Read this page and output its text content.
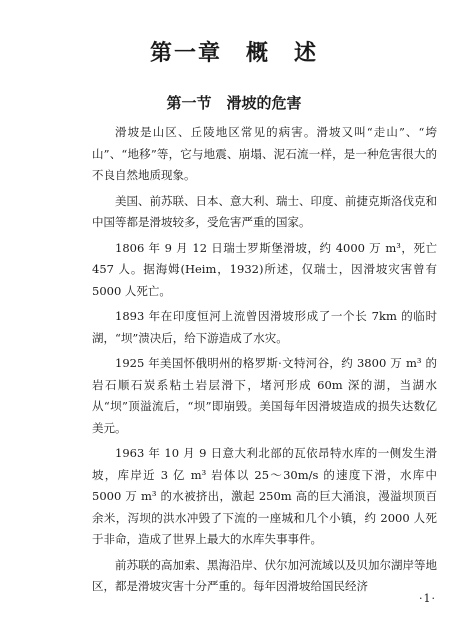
第一章　概　述
第一节　滑坡的危害

滑坡是山区、丘陵地区常见的病害。滑坡又叫“走山”、“垮山”、“地移”等，它与地震、崩塌、泥石流一样，是一种危害很大的不良自然地质现象。

美国、前苏联、日本、意大利、瑞士、印度、前捷克斯洛伐克和中国等都是滑坡较多，受危害严重的国家。

1806 年 9 月 12 日瑞士罗斯堡滑坡，约 4000 万 m³，死亡 457 人。据海姆(Heim，1932)所述，仅瑞士，因滑坡灾害曾有 5000 人死亡。

1893 年在印度恒河上流曾因滑坡形成了一个长 7km 的临时湖，“坝”溃决后，给下游造成了水灾。

1925 年美国怀俄明州的格罗斯·文特河谷，约 3800 万 m³ 的岩石顺石炭系粘土岩层滑下，堵河形成 60m 深的湖，当湖水从“坝”顶溢流后，“坝”即崩毁。美国每年因滑坡造成的损失达数亿美元。

1963 年 10 月 9 日意大利北部的瓦依昂特水库的一侧发生滑坡，库岸近 3 亿 m³ 岩体以 25～30m/s 的速度下滑，水库中 5000 万 m³ 的水被挤出，激起 250m 高的巨大涌浪，漫溢坝顶百余米，泻坝的洪水冲毁了下流的一座城和几个小镇，约 2000 人死于非命，造成了世界上最大的水库失事事件。

前苏联的高加索、黑海沿岸、伏尔加河流域以及贝加尔湖岸等地区，都是滑坡灾害十分严重的。每年因滑坡给国民经济

·1·
